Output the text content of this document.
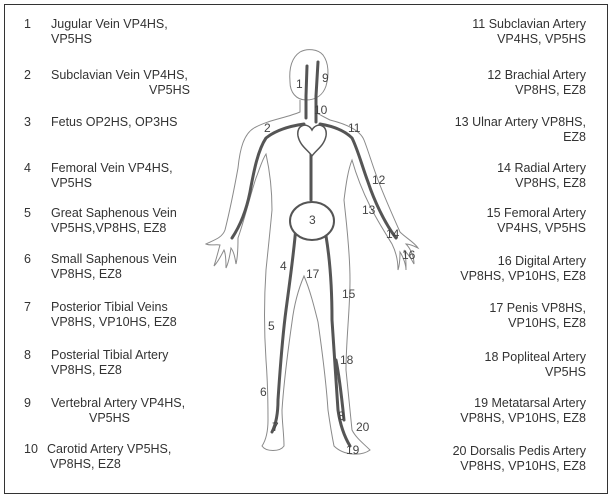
1	Jugular Vein VP4HS,
VP5HS
2	Subclavian Vein VP4HS,
VP5HS
3	Fetus OP2HS, OP3HS
4	Femoral Vein VP4HS,
VP5HS
5	Great Saphenous Vein
VP5HS,VP8HS, EZ8
6	Small Saphenous Vein
VP8HS, EZ8
7	Posterior Tibial Veins
VP8HS, VP10HS, EZ8
8	Posterial Tibial Artery
VP8HS, EZ8
9	Vertebral Artery VP4HS,
VP5HS
10 Carotid Artery VP5HS,
VP8HS, EZ8
11 Subclavian Artery
VP4HS, VP5HS
12 Brachial Artery
VP8HS, EZ8
13 Ulnar Artery VP8HS,
EZ8
14 Radial Artery
VP8HS, EZ8
15 Femoral Artery
VP4HS, VP5HS
16 Digital Artery
VP8HS, VP10HS, EZ8
17 Penis VP8HS,
VP10HS, EZ8
18 Popliteal Artery
VP5HS
19 Metatarsal Artery
VP8HS, VP10HS, EZ8
20 Dorsalis Pedis Artery
VP8HS, VP10HS, EZ8
1 9
10
2	11
12
13
3
14
16
4
17
15
5
18
6
7
8
20
19
